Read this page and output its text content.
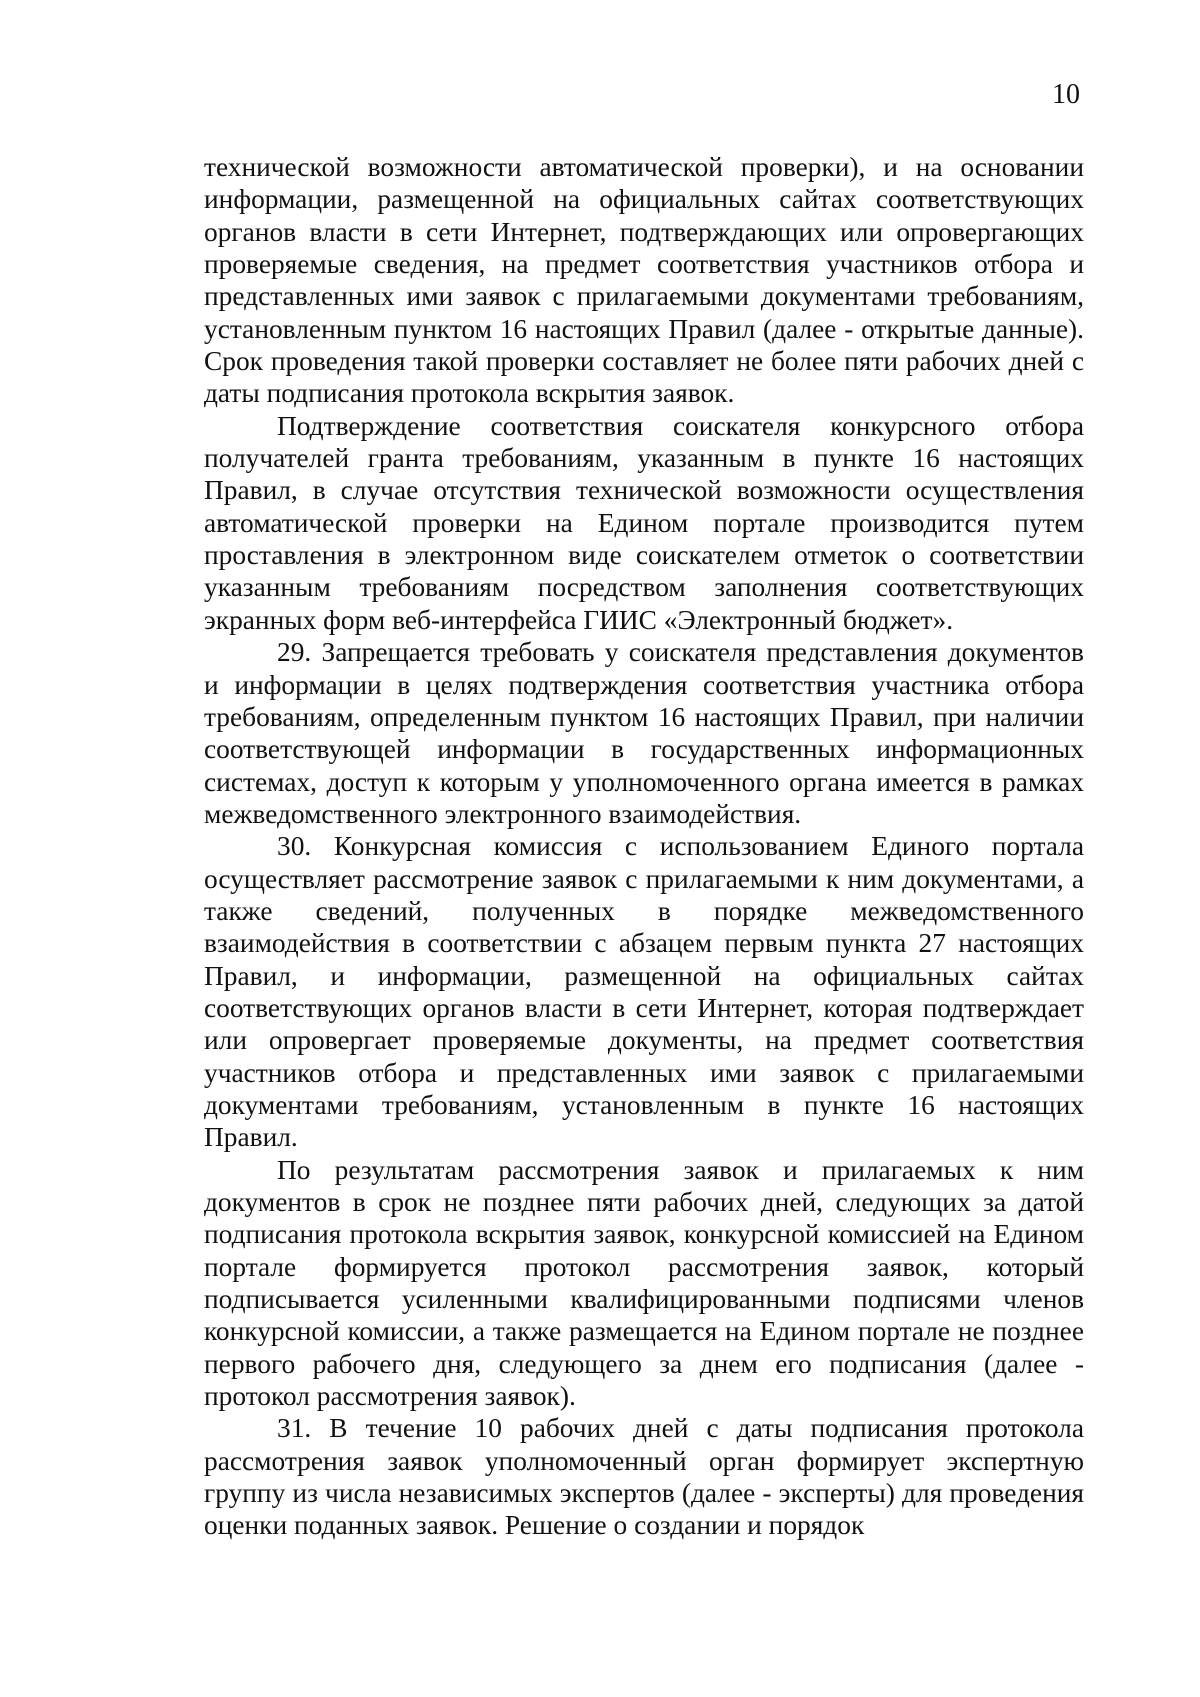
10

технической возможности автоматической проверки), и на основании информации, размещенной на официальных сайтах соответствующих органов власти в сети Интернет, подтверждающих или опровергающих проверяемые сведения, на предмет соответствия участников отбора и представленных ими заявок с прилагаемыми документами требованиям, установленным пунктом 16 настоящих Правил (далее - открытые данные). Срок проведения такой проверки составляет не более пяти рабочих дней с даты подписания протокола вскрытия заявок.

Подтверждение соответствия соискателя конкурсного отбора получателей гранта требованиям, указанным в пункте 16 настоящих Правил, в случае отсутствия технической возможности осуществления автоматической проверки на Едином портале производится путем проставления в электронном виде соискателем отметок о соответствии указанным требованиям посредством заполнения соответствующих экранных форм веб-интерфейса ГИИС «Электронный бюджет».

29. Запрещается требовать у соискателя представления документов и информации в целях подтверждения соответствия участника отбора требованиям, определенным пунктом 16 настоящих Правил, при наличии соответствующей информации в государственных информационных системах, доступ к которым у уполномоченного органа имеется в рамках межведомственного электронного взаимодействия.

30. Конкурсная комиссия с использованием Единого портала осуществляет рассмотрение заявок с прилагаемыми к ним документами, а также сведений, полученных в порядке межведомственного взаимодействия в соответствии с абзацем первым пункта 27 настоящих Правил, и информации, размещенной на официальных сайтах соответствующих органов власти в сети Интернет, которая подтверждает или опровергает проверяемые документы, на предмет соответствия участников отбора и представленных ими заявок с прилагаемыми документами требованиям, установленным в пункте 16 настоящих Правил.

По результатам рассмотрения заявок и прилагаемых к ним документов в срок не позднее пяти рабочих дней, следующих за датой подписания протокола вскрытия заявок, конкурсной комиссией на Едином портале формируется протокол рассмотрения заявок, который подписывается усиленными квалифицированными подписями членов конкурсной комиссии, а также размещается на Едином портале не позднее первого рабочего дня, следующего за днем его подписания (далее - протокол рассмотрения заявок).

31. В течение 10 рабочих дней с даты подписания протокола рассмотрения заявок уполномоченный орган формирует экспертную группу из числа независимых экспертов (далее - эксперты) для проведения оценки поданных заявок. Решение о создании и порядок
